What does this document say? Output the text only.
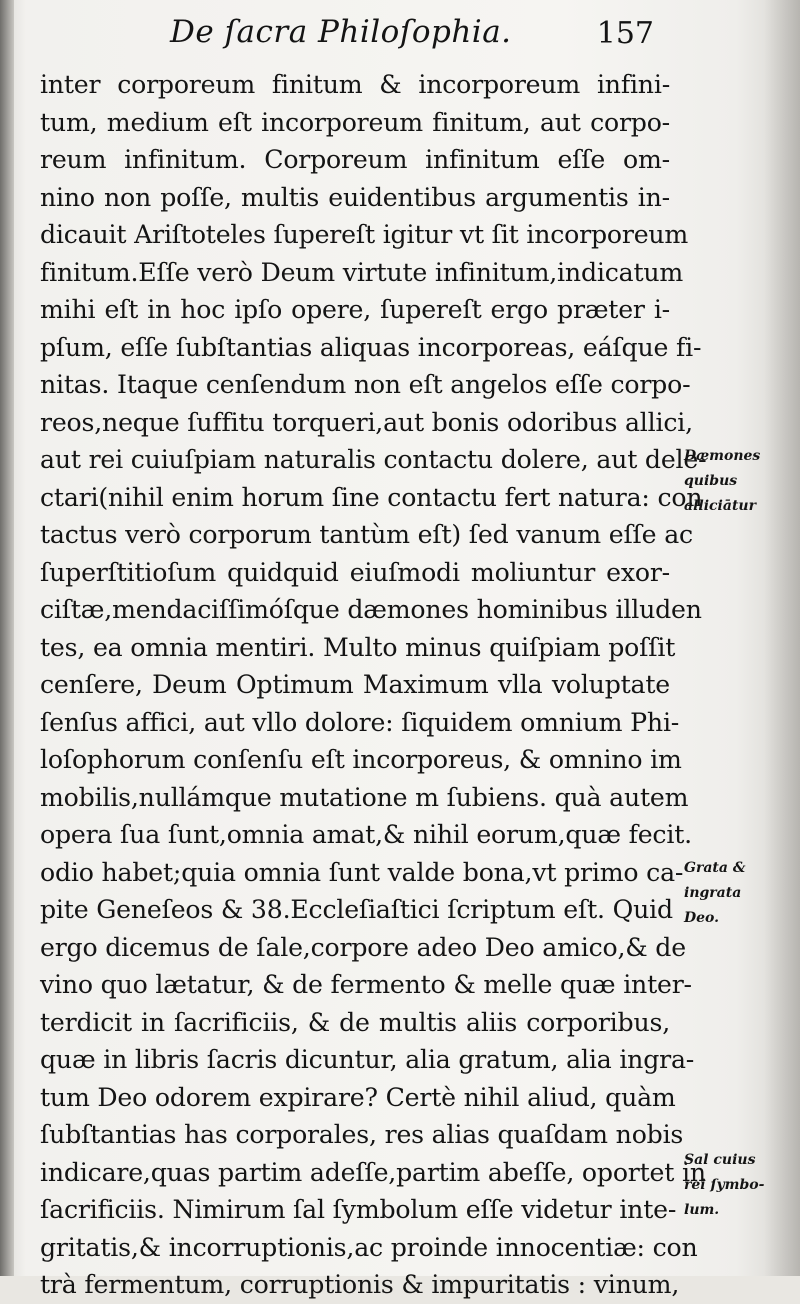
De ſacra Philoſophia.	157
inter corporeum finitum & incorporeum infini-
tum, medium eſt incorporeum finitum, aut corpo-
reum infinitum. Corporeum infinitum eſſe om-
nino non poſſe, multis euidentibus argumentis in-
dicauit Ariſtoteles ſupereſt igitur vt ſit incorporeum
finitum.Eſſe verò Deum virtute infinitum,indicatum
mihi eſt in hoc ipſo opere, ſupereſt ergo præter i-
pſum, eſſe ſubſtantias aliquas incorporeas, eáſque fi-
nitas. Itaque cenſendum non eſt angelos eſſe corpo-
reos,neque ſuffitu torqueri,aut bonis odoribus allici,
aut rei cuiuſpiam naturalis contactu dolere, aut dele-
ctari(nihil enim horum ſine contactu fert natura: con
tactus verò corporum tantùm eſt) ſed vanum eſſe ac
ſuperſtitioſum quidquid eiuſmodi moliuntur exor-
ciſtæ,mendaciſſimóſque dæmones hominibus illuden
tes, ea omnia mentiri. Multo minus quiſpiam poſſit
cenſere, Deum Optimum Maximum vlla voluptate
ſenſus affici, aut vllo dolore: ſiquidem omnium Phi-
loſophorum conſenſu eſt incorporeus, & omnino im
mobilis,nullámque mutatione m ſubiens. quà autem
opera ſua ſunt,omnia amat,& nihil eorum,quæ fecit.
odio habet;quia omnia ſunt valde bona,vt primo ca-
pite Geneſeos & 38.Eccleſiaſtici ſcriptum eſt. Quid
ergo dicemus de ſale,corpore adeo Deo amico,& de
vino quo lætatur, & de fermento & melle quæ inter-
terdicit in ſacrificiis, & de multis aliis corporibus,
quæ in libris ſacris dicuntur, alia gratum, alia ingra-
tum Deo odorem expirare? Certè nihil aliud, quàm
ſubſtantias has corporales, res alias quaſdam nobis
indicare,quas partim adeſſe,partim abeſſe, oportet in
ſacrificiis. Nimirum ſal ſymbolum eſſe videtur inte-
gritatis,& incorruptionis,ac proinde innocentiæ: con
trà fermentum, corruptionis & impuritatis : vinum,
Dæmones
quibus
alliciātur
Grata &
ingrata
Deo.
Sal cuius
rei ſymbo-
lum.
